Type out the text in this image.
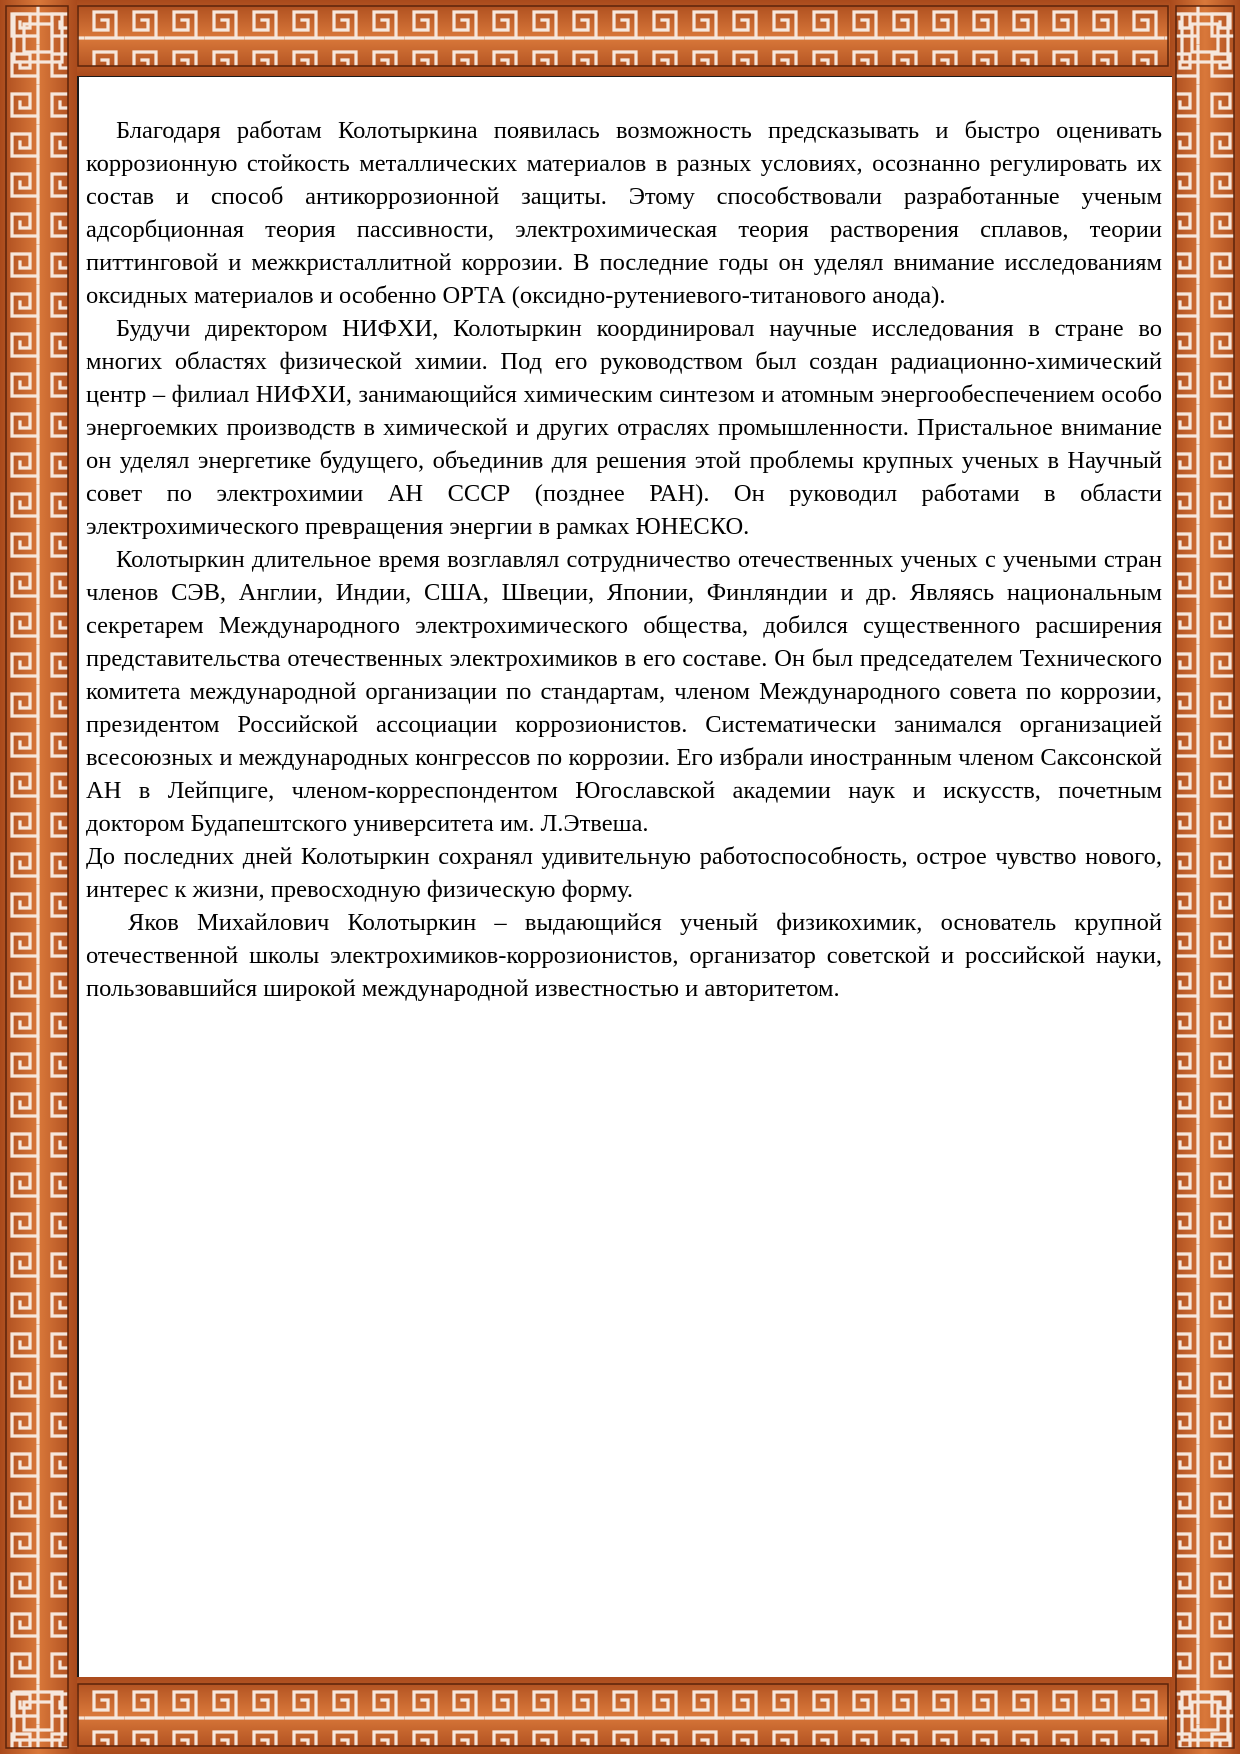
Благодаря работам Колотыркина появилась возможность предсказывать и быстро оценивать коррозионную стойкость металлических материалов в разных условиях, осознанно регулировать их состав и способ антикоррозионной защиты. Этому способствовали разработанные ученым адсорбционная теория пассивности, электрохимическая теория растворения сплавов, теории питтинговой и межкристаллитной коррозии. В последние годы он уделял внимание исследованиям оксидных материалов и особенно ОРТА (оксидно-рутениевого-титанового анода).

Будучи директором НИФХИ, Колотыркин координировал научные исследования в стране во многих областях физической химии. Под его руководством был создан радиационно-химический центр – филиал НИФХИ, занимающийся химическим синтезом и атомным энергообеспечением особо энергоемких производств в химической и других отраслях промышленности. Пристальное внимание он уделял энергетике будущего, объединив для решения этой проблемы крупных ученых в Научный совет по электрохимии АН СССР (позднее РАН). Он руководил работами в области электрохимического превращения энергии в рамках ЮНЕСКО.

Колотыркин длительное время возглавлял сотрудничество отечественных ученых с учеными стран членов СЭВ, Англии, Индии, США, Швеции, Японии, Финляндии и др. Являясь национальным секретарем Международного электрохимического общества, добился существенного расширения представительства отечественных электрохимиков в его составе. Он был председателем Технического комитета международной организации по стандартам, членом Международного совета по коррозии, президентом Российской ассоциации коррозионистов. Систематически занимался организацией всесоюзных и международных конгрессов по коррозии. Его избрали иностранным членом Саксонской АН в Лейпциге, членом-корреспондентом Югославской академии наук и искусств, почетным доктором Будапештского университета им. Л.Этвеша.

До последних дней Колотыркин сохранял удивительную работоспособность, острое чувство нового, интерес к жизни, превосходную физическую форму.

Яков Михайлович Колотыркин – выдающийся ученый физикохимик, основатель крупной отечественной школы электрохимиков-коррозионистов, организатор советской и российской науки, пользовавшийся широкой международной известностью и авторитетом.
